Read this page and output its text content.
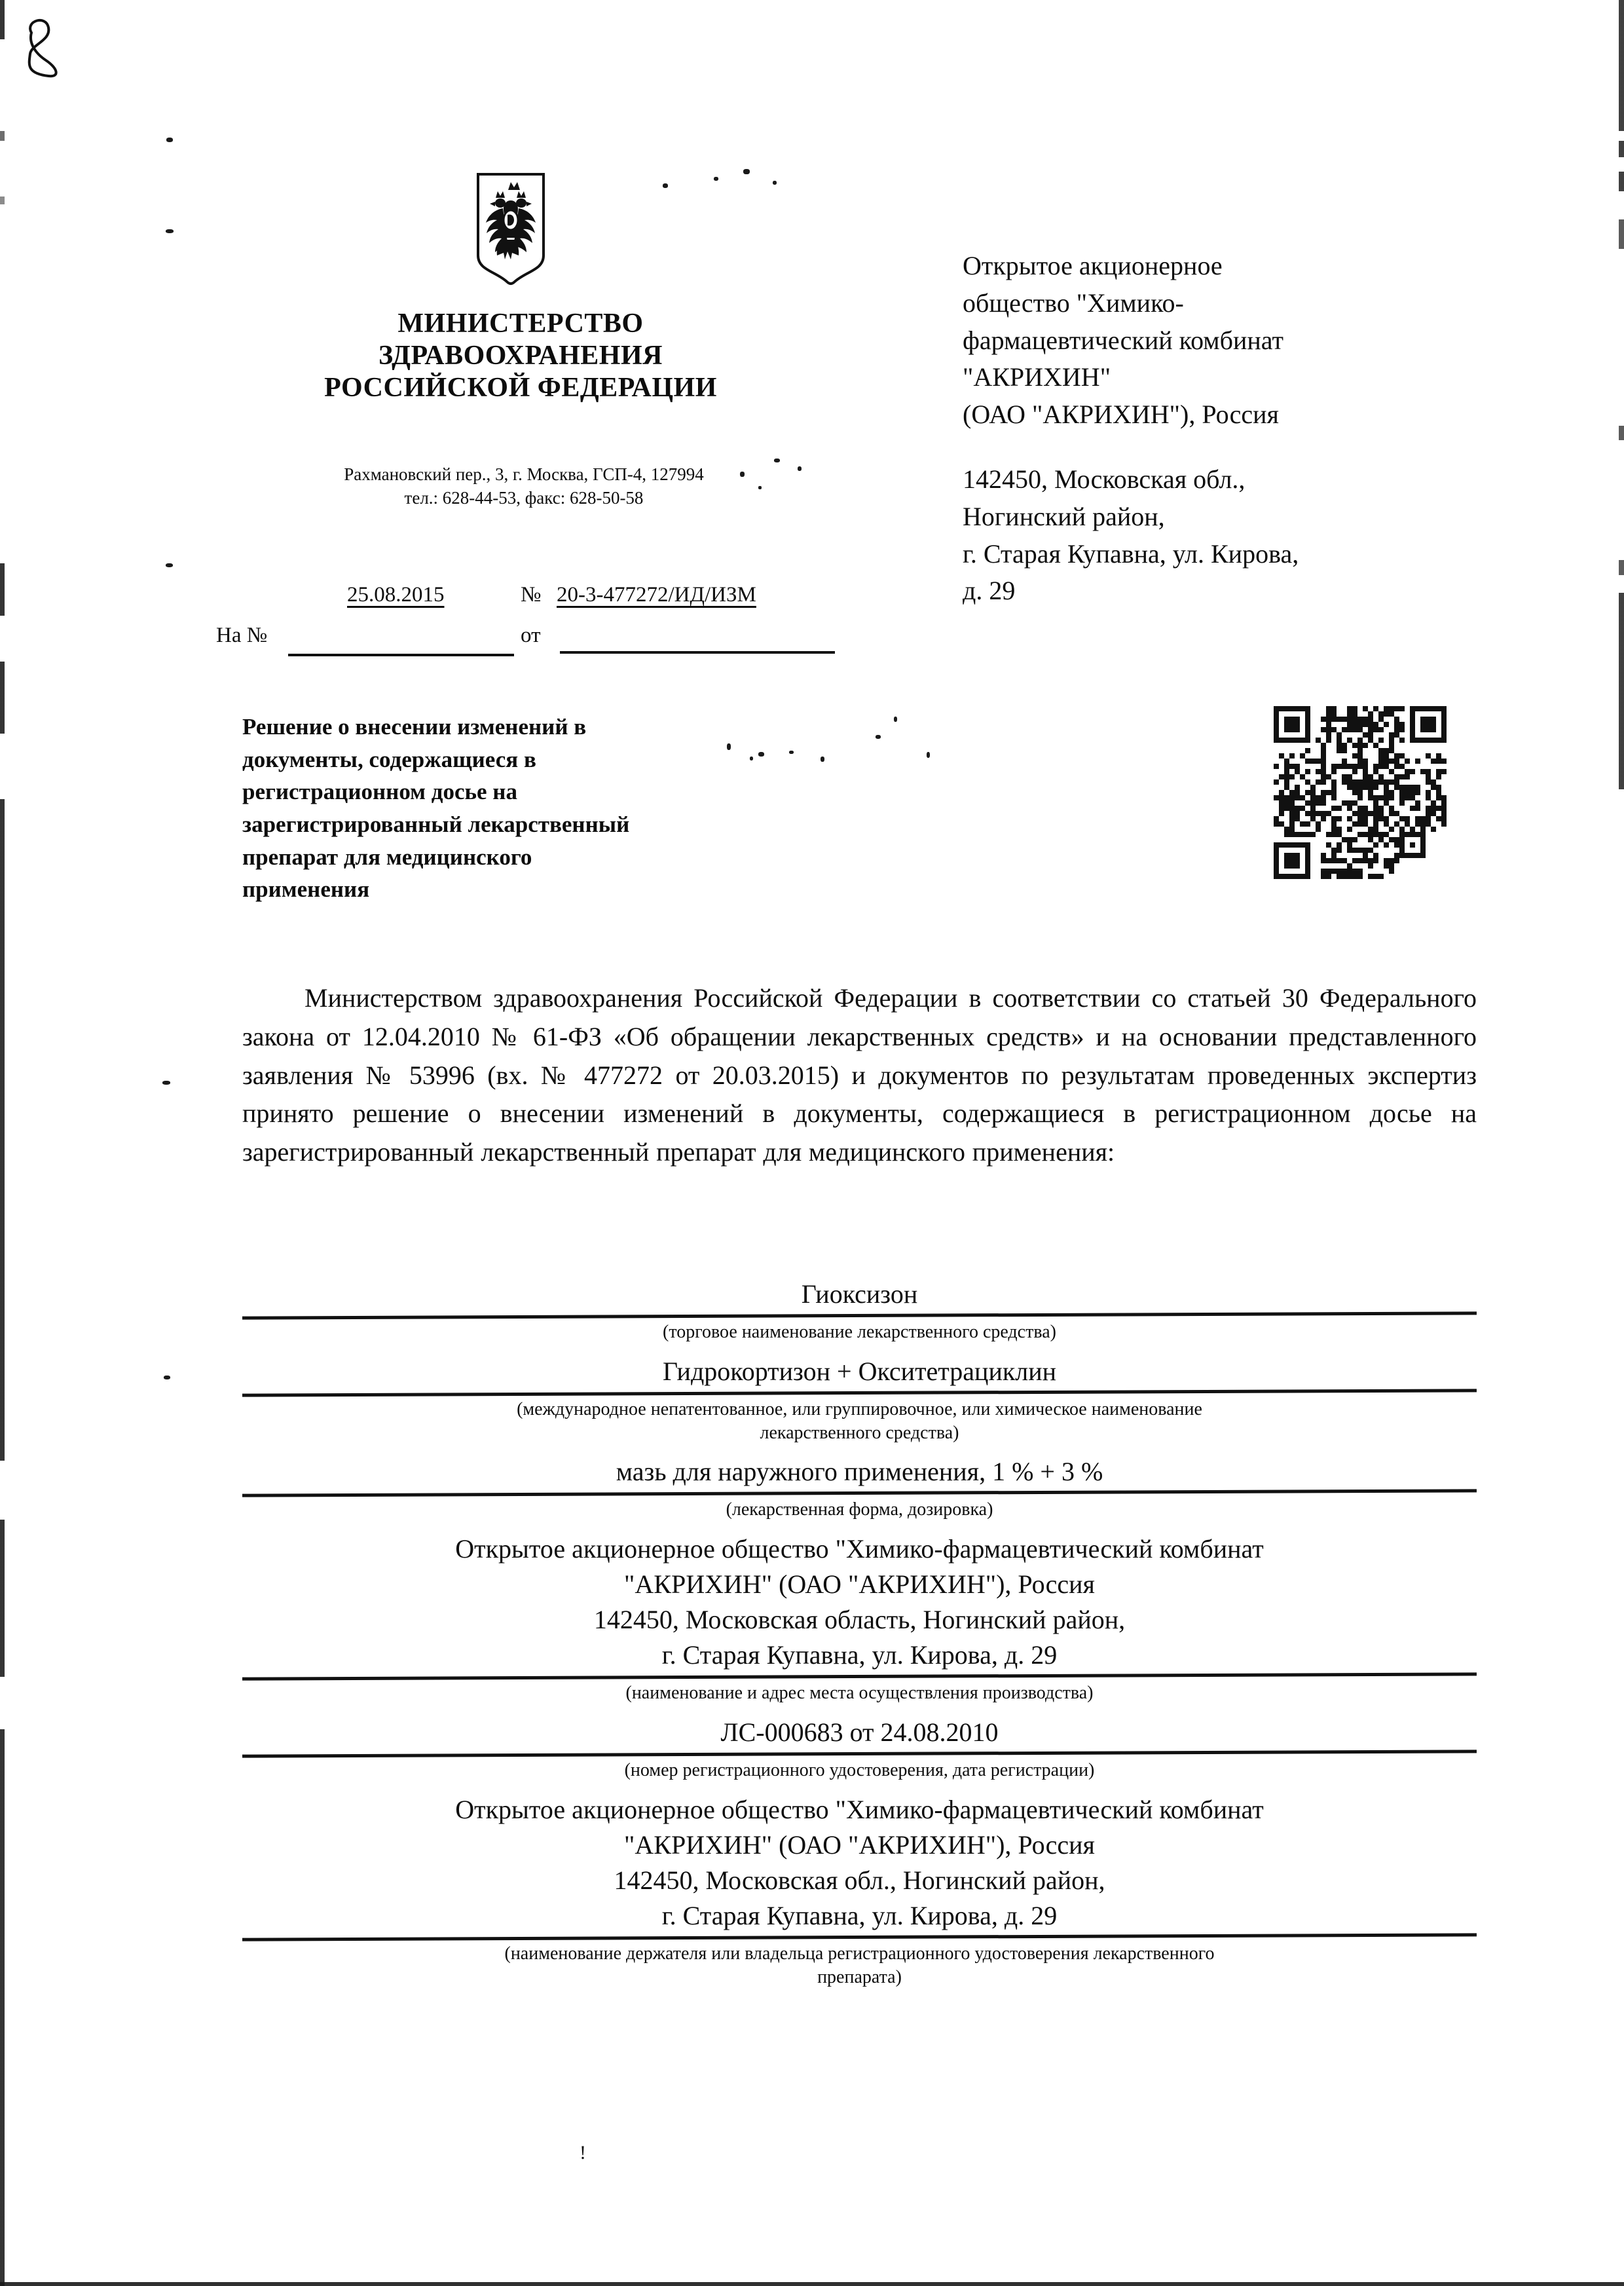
МИНИСТЕРСТВО
ЗДРАВООХРАНЕНИЯ
РОССИЙСКОЙ ФЕДЕРАЦИИ
Рахмановский пер., 3, г. Москва, ГСП-4, 127994
тел.: 628-44-53, факс: 628-50-58
25.08.2015	№ 20-3-477272/ИД/ИЗМ
На №	от
Открытое акционерное
общество "Химико-
фармацевтический комбинат
"АКРИХИН"
(ОАО "АКРИХИН"), Россия
142450, Московская обл.,
Ногинский район,
г. Старая Купавна, ул. Кирова,
д. 29
Решение о внесении изменений в
документы, содержащиеся в
регистрационном досье на
зарегистрированный лекарственный
препарат для медицинского
применения
Министерством здравоохранения Российской Федерации в соответствии со статьей 30 Федерального закона от 12.04.2010 № 61-ФЗ «Об обращении лекарственных средств» и на основании представленного заявления № 53996 (вх. № 477272 от 20.03.2015) и документов по результатам проведенных экспертиз принято решение о внесении изменений в документы, содержащиеся в регистрационном досье на зарегистрированный лекарственный препарат для медицинского применения:
Гиоксизон
(торговое наименование лекарственного средства)
Гидрокортизон + Окситетрациклин
(международное непатентованное, или группировочное, или химическое наименование
лекарственного средства)
мазь для наружного применения, 1 % + 3 %
(лекарственная форма, дозировка)
Открытое акционерное общество "Химико-фармацевтический комбинат
"АКРИХИН" (ОАО "АКРИХИН"), Россия
142450, Московская область, Ногинский район,
г. Старая Купавна, ул. Кирова, д. 29
(наименование и адрес места осуществления производства)
ЛС-000683 от 24.08.2010
(номер регистрационного удостоверения, дата регистрации)
Открытое акционерное общество "Химико-фармацевтический комбинат
"АКРИХИН" (ОАО "АКРИХИН"), Россия
142450, Московская обл., Ногинский район,
г. Старая Купавна, ул. Кирова, д. 29
(наименование держателя или владельца регистрационного удостоверения лекарственного
препарата)
!
